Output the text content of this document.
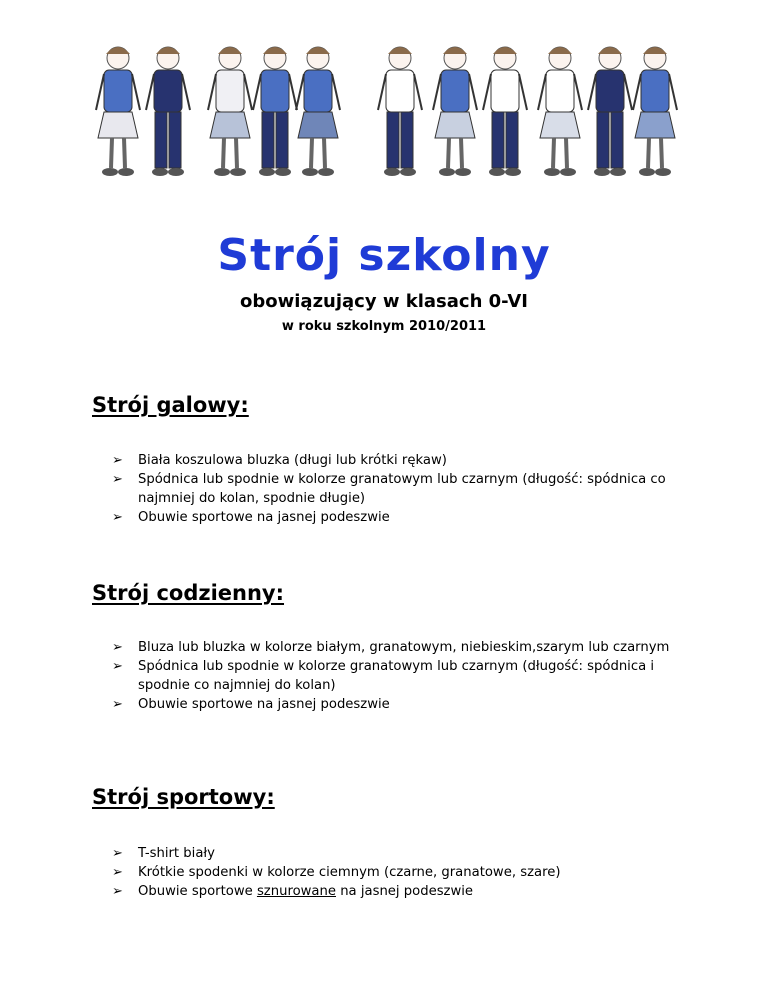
Strój szkolny
obowiązujący w klasach 0-VI
w roku szkolnym 2010/2011
Strój galowy:
➢ Biała koszulowa bluzka (długi lub krótki rękaw)
➢ Spódnica lub spodnie w kolorze granatowym lub czarnym (długość: spódnica co najmniej do kolan, spodnie długie)
➢ Obuwie sportowe na jasnej podeszwie
Strój codzienny:
➢ Bluza lub bluzka w kolorze białym, granatowym, niebieskim,szarym lub czarnym
➢ Spódnica lub spodnie w kolorze granatowym lub czarnym (długość: spódnica i spodnie co najmniej do kolan)
➢ Obuwie sportowe na jasnej podeszwie
Strój sportowy:
➢ T-shirt biały
➢ Krótkie spodenki w kolorze ciemnym (czarne, granatowe, szare)
➢ Obuwie sportowe sznurowane na jasnej podeszwie
